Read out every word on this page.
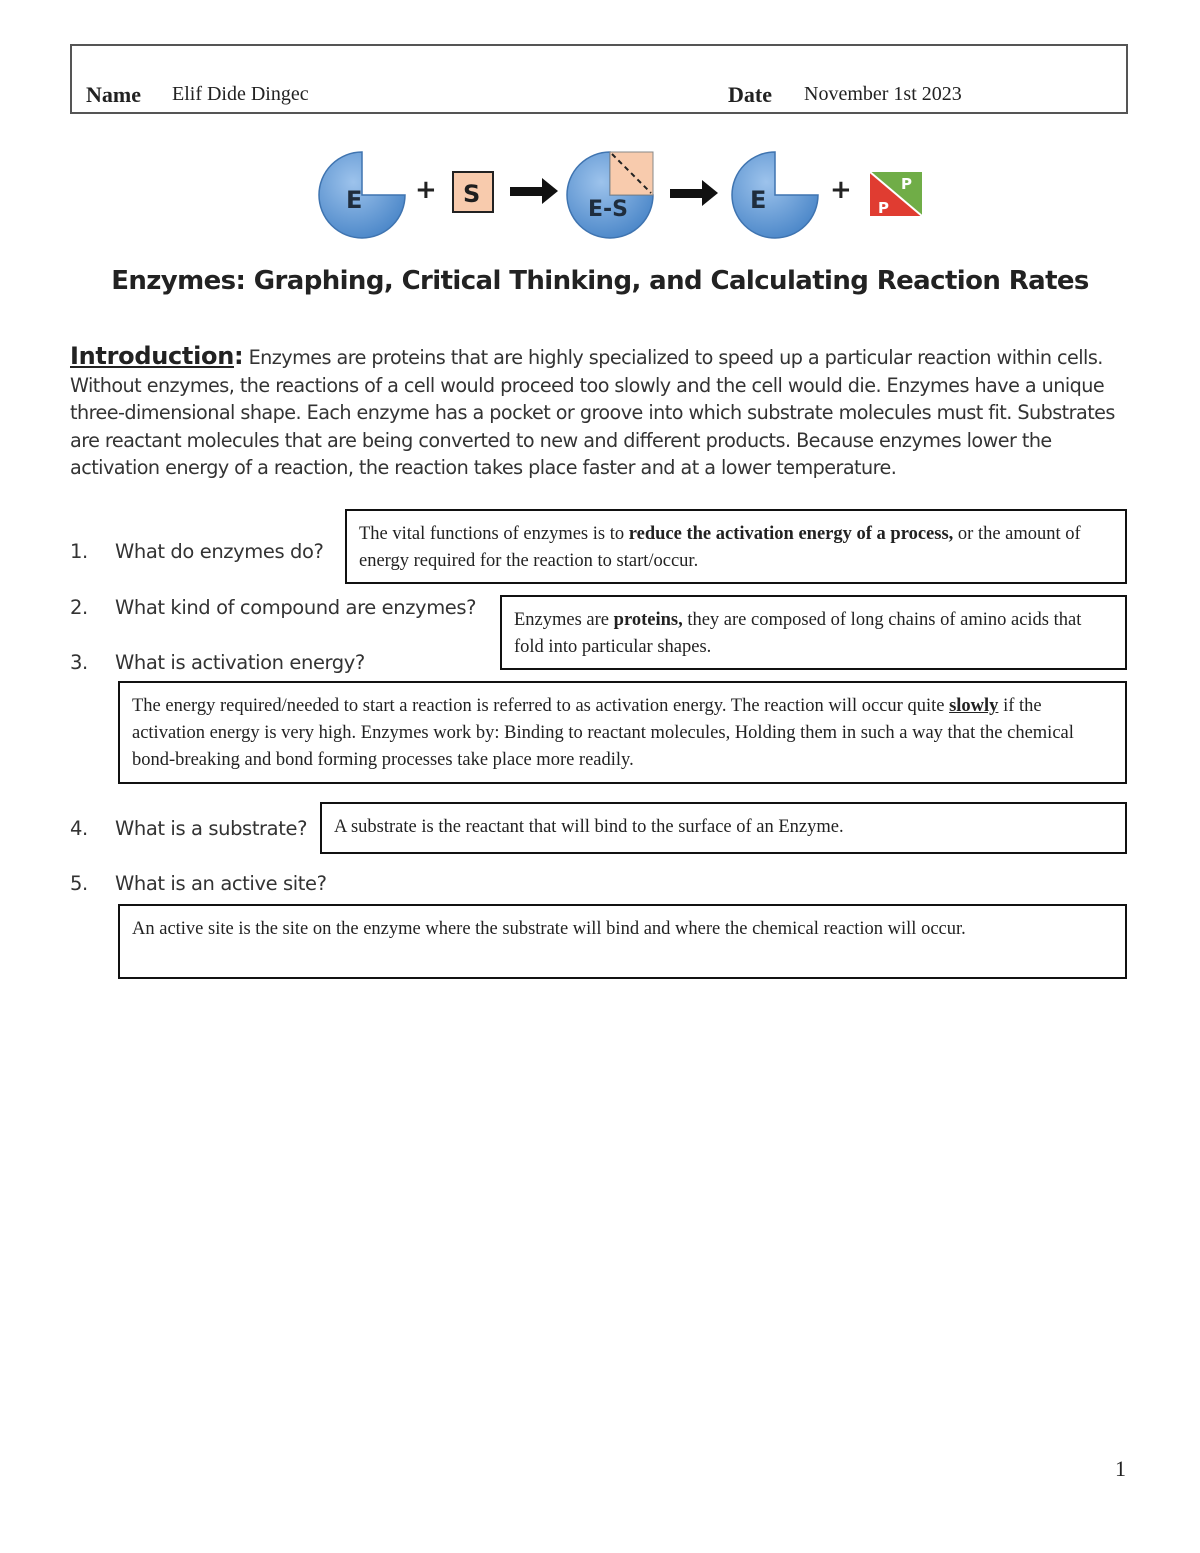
Name Elif Dide Dingec	Date November 1st 2023
E + S
E-S	E +	P
P
Enzymes: Graphing, Critical Thinking, and Calculating Reaction Rates
Introduction: Enzymes are proteins that are highly specialized to speed up a particular reaction within cells. Without enzymes, the reactions of a cell would proceed too slowly and the cell would die. Enzymes have a unique three-dimensional shape. Each enzyme has a pocket or groove into which substrate molecules must fit. Substrates are reactant molecules that are being converted to new and different products. Because enzymes lower the activation energy of a reaction, the reaction takes place faster and at a lower temperature.
1. What do enzymes do?
2. What kind of compound are enzymes?
3. What is activation energy?
4. What is a substrate?
5. What is an active site?
The vital functions of enzymes is to reduce the activation energy of a process, or the amount of energy required for the reaction to start/occur.
Enzymes are proteins, they are composed of long chains of amino acids that fold into particular shapes.
The energy required/needed to start a reaction is referred to as activation energy. The reaction will occur quite slowly if the activation energy is very high. Enzymes work by: Binding to reactant molecules, Holding them in such a way that the chemical bond-breaking and bond forming processes take place more readily.
A substrate is the reactant that will bind to the surface of an Enzyme.
An active site is the site on the enzyme where the substrate will bind and where the chemical reaction will occur.
1
